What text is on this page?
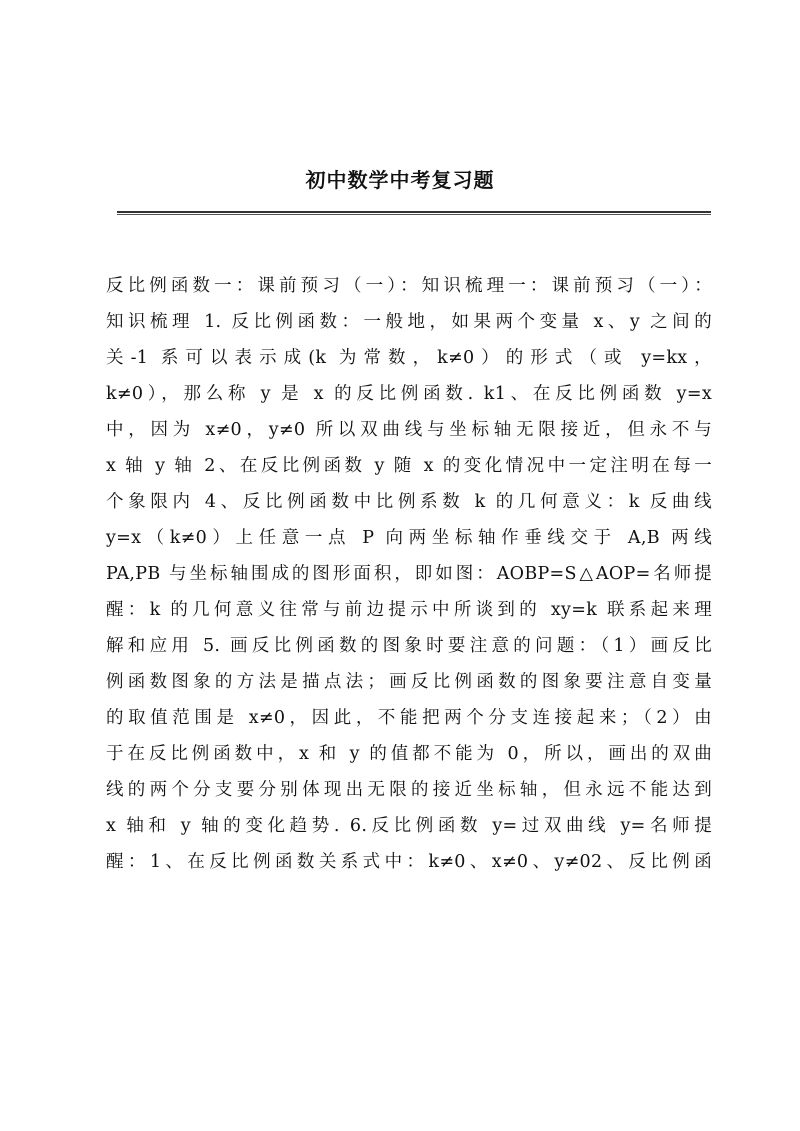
初中数学中考复习题
反比例函数一：课前预习（一）：知识梳理一：课前预习（一）：
知识梳理 1. 反比例函数：一般地，如果两个变量 x、y 之间的
关-1 系可以表示成(k 为常数，k≠0）的形式（或 y=kx，
k≠0），那么称 y 是 x 的反比例函数. k1、在反比例函数 y=x
中，因为 x≠0，y≠0 所以双曲线与坐标轴无限接近，但永不与
x 轴 y 轴 2、在反比例函数 y 随 x 的变化情况中一定注明在每一
个象限内 4、反比例函数中比例系数 k 的几何意义：k 反曲线
y=x（k≠0）上任意一点 P 向两坐标轴作垂线交于 A,B 两线
PA,PB 与坐标轴围成的图形面积，即如图：AOBP=S△AOP=名师提
醒：k 的几何意义往常与前边提示中所谈到的 xy=k 联系起来理
解和应用 5. 画反比例函数的图象时要注意的问题：（1）画反比
例函数图象的方法是描点法；画反比例函数的图象要注意自变量
的取值范围是 x≠0，因此，不能把两个分支连接起来；（2）由
于在反比例函数中，x 和 y 的值都不能为 0，所以，画出的双曲
线的两个分支要分别体现出无限的接近坐标轴，但永远不能达到
x 轴和 y 轴的变化趋势. 6.反比例函数 y=过双曲线 y=名师提
醒：1、在反比例函数关系式中：k≠0、x≠0、y≠02、反比例函
